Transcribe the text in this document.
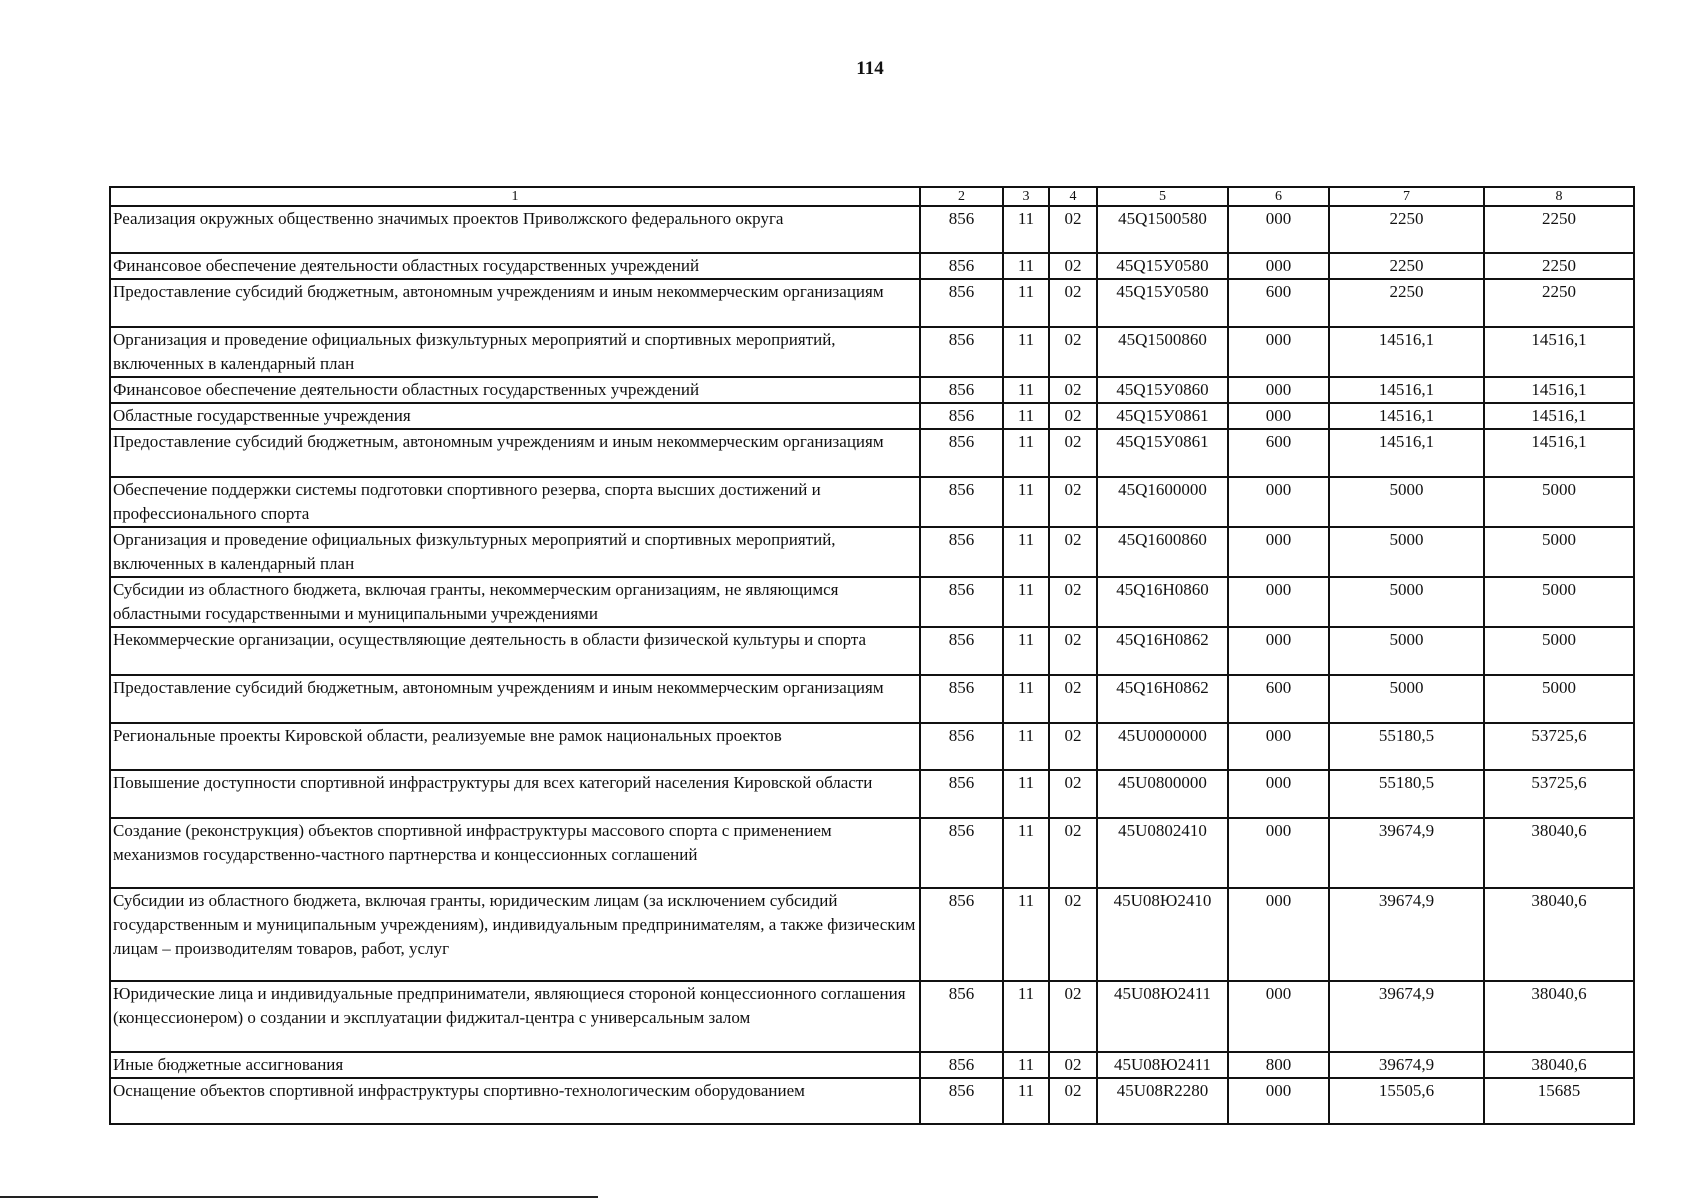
114
1	2	3	4	5	6	7	8
Реализация окружных общественно значимых проектов Приволжского федерального округа	856	11	02	45Q1500580	000	2250	2250
Финансовое обеспечение деятельности областных государственных учреждений	856	11	02	45Q15У0580	000	2250	2250
Предоставление субсидий бюджетным, автономным учреждениям и иным некоммерческим организациям	856	11	02	45Q15У0580	600	2250	2250
Организация и проведение официальных физкультурных мероприятий и спортивных мероприятий, включенных в календарный план	856	11	02	45Q1500860	000	14516,1	14516,1
Финансовое обеспечение деятельности областных государственных учреждений	856	11	02	45Q15У0860	000	14516,1	14516,1
Областные государственные учреждения	856	11	02	45Q15У0861	000	14516,1	14516,1
Предоставление субсидий бюджетным, автономным учреждениям и иным некоммерческим организациям	856	11	02	45Q15У0861	600	14516,1	14516,1
Обеспечение поддержки системы подготовки спортивного резерва, спорта высших достижений и профессионального спорта	856	11	02	45Q1600000	000	5000	5000
Организация и проведение официальных физкультурных мероприятий и спортивных мероприятий, включенных в календарный план	856	11	02	45Q1600860	000	5000	5000
Субсидии из областного бюджета, включая гранты, некоммерческим организациям, не являющимся областными государственными и муниципальными учреждениями	856	11	02	45Q16Н0860	000	5000	5000
Некоммерческие организации, осуществляющие деятельность в области физической культуры и спорта	856	11	02	45Q16Н0862	000	5000	5000
Предоставление субсидий бюджетным, автономным учреждениям и иным некоммерческим организациям	856	11	02	45Q16Н0862	600	5000	5000
Региональные проекты Кировской области, реализуемые вне рамок национальных проектов	856	11	02	45U0000000	000	55180,5	53725,6
Повышение доступности спортивной инфраструктуры для всех категорий населения Кировской области	856	11	02	45U0800000	000	55180,5	53725,6
Создание (реконструкция) объектов спортивной инфраструктуры массового спорта с применением механизмов государственно-частного партнерства и концессионных соглашений	856	11	02	45U0802410	000	39674,9	38040,6
Субсидии из областного бюджета, включая гранты, юридическим лицам (за исключением субсидий государственным и муниципальным учреждениям), индивидуальным предпринимателям, а также физическим лицам – производителям товаров, работ, услуг	856	11	02	45U08Ю2410	000	39674,9	38040,6
Юридические лица и индивидуальные предприниматели, являющиеся стороной концессионного соглашения (концессионером) о создании и эксплуатации фиджитал-центра с универсальным залом	856	11	02	45U08Ю2411	000	39674,9	38040,6
Иные бюджетные ассигнования	856	11	02	45U08Ю2411	800	39674,9	38040,6
Оснащение объектов спортивной инфраструктуры спортивно-технологическим оборудованием	856	11	02	45U08R2280	000	15505,6	15685
